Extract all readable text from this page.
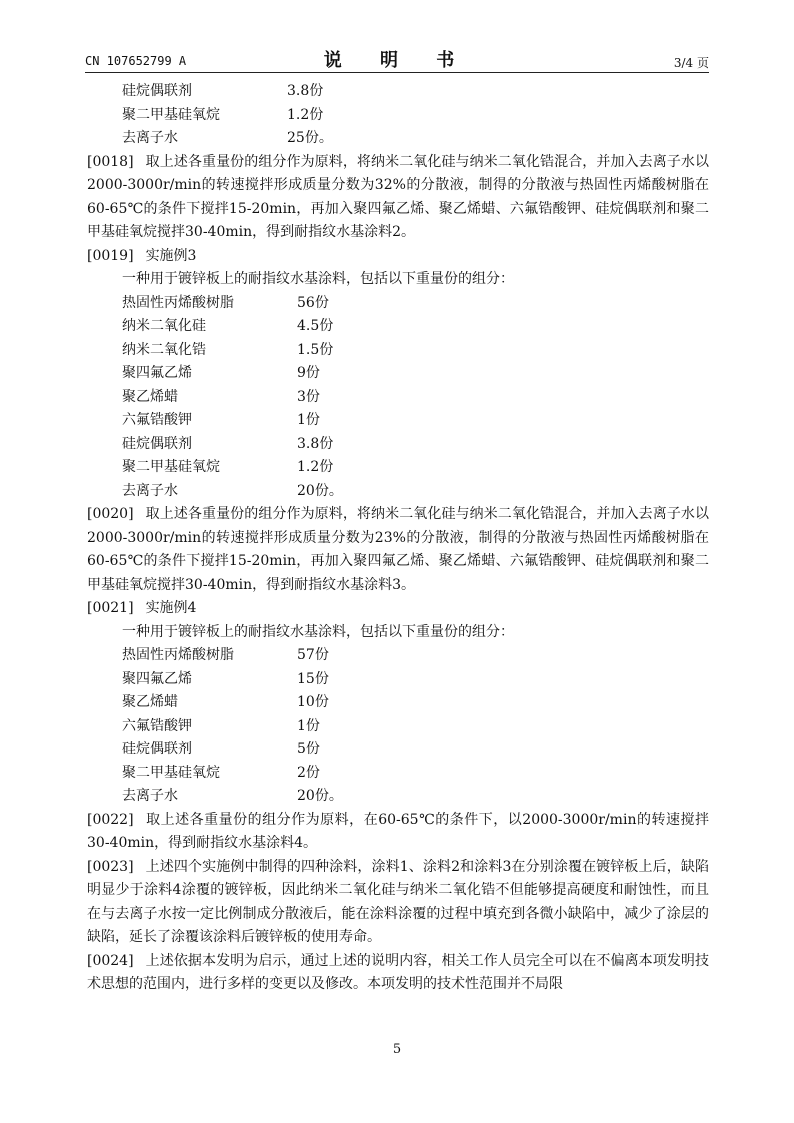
CN 107652799 A	说 明 书	3/4 页
硅烷偶联剂	3.8份
聚二甲基硅氧烷	1.2份
去离子水	25份。
[0018] 取上述各重量份的组分作为原料，将纳米二氧化硅与纳米二氧化锆混合，并加入去离子水以2000-3000r/min的转速搅拌形成质量分数为32%的分散液，制得的分散液与热固性丙烯酸树脂在60-65℃的条件下搅拌15-20min，再加入聚四氟乙烯、聚乙烯蜡、六氟锆酸钾、硅烷偶联剂和聚二甲基硅氧烷搅拌30-40min，得到耐指纹水基涂料2。
[0019] 实施例3
一种用于镀锌板上的耐指纹水基涂料，包括以下重量份的组分：
热固性丙烯酸树脂	56份
纳米二氧化硅	4.5份
纳米二氧化锆	1.5份
聚四氟乙烯	9份
聚乙烯蜡	3份
六氟锆酸钾	1份
硅烷偶联剂	3.8份
聚二甲基硅氧烷	1.2份
去离子水	20份。
[0020] 取上述各重量份的组分作为原料，将纳米二氧化硅与纳米二氧化锆混合，并加入去离子水以2000-3000r/min的转速搅拌形成质量分数为23%的分散液，制得的分散液与热固性丙烯酸树脂在60-65℃的条件下搅拌15-20min，再加入聚四氟乙烯、聚乙烯蜡、六氟锆酸钾、硅烷偶联剂和聚二甲基硅氧烷搅拌30-40min，得到耐指纹水基涂料3。
[0021] 实施例4
一种用于镀锌板上的耐指纹水基涂料，包括以下重量份的组分：
热固性丙烯酸树脂	57份
聚四氟乙烯	15份
聚乙烯蜡	10份
六氟锆酸钾	1份
硅烷偶联剂	5份
聚二甲基硅氧烷	2份
去离子水	20份。
[0022] 取上述各重量份的组分作为原料，在60-65℃的条件下，以2000-3000r/min的转速搅拌30-40min，得到耐指纹水基涂料4。
[0023] 上述四个实施例中制得的四种涂料，涂料1、涂料2和涂料3在分别涂覆在镀锌板上后，缺陷明显少于涂料4涂覆的镀锌板，因此纳米二氧化硅与纳米二氧化锆不但能够提高硬度和耐蚀性，而且在与去离子水按一定比例制成分散液后，能在涂料涂覆的过程中填充到各微小缺陷中，减少了涂层的缺陷，延长了涂覆该涂料后镀锌板的使用寿命。
[0024] 上述依据本发明为启示，通过上述的说明内容，相关工作人员完全可以在不偏离本项发明技术思想的范围内，进行多样的变更以及修改。本项发明的技术性范围并不局限
5
